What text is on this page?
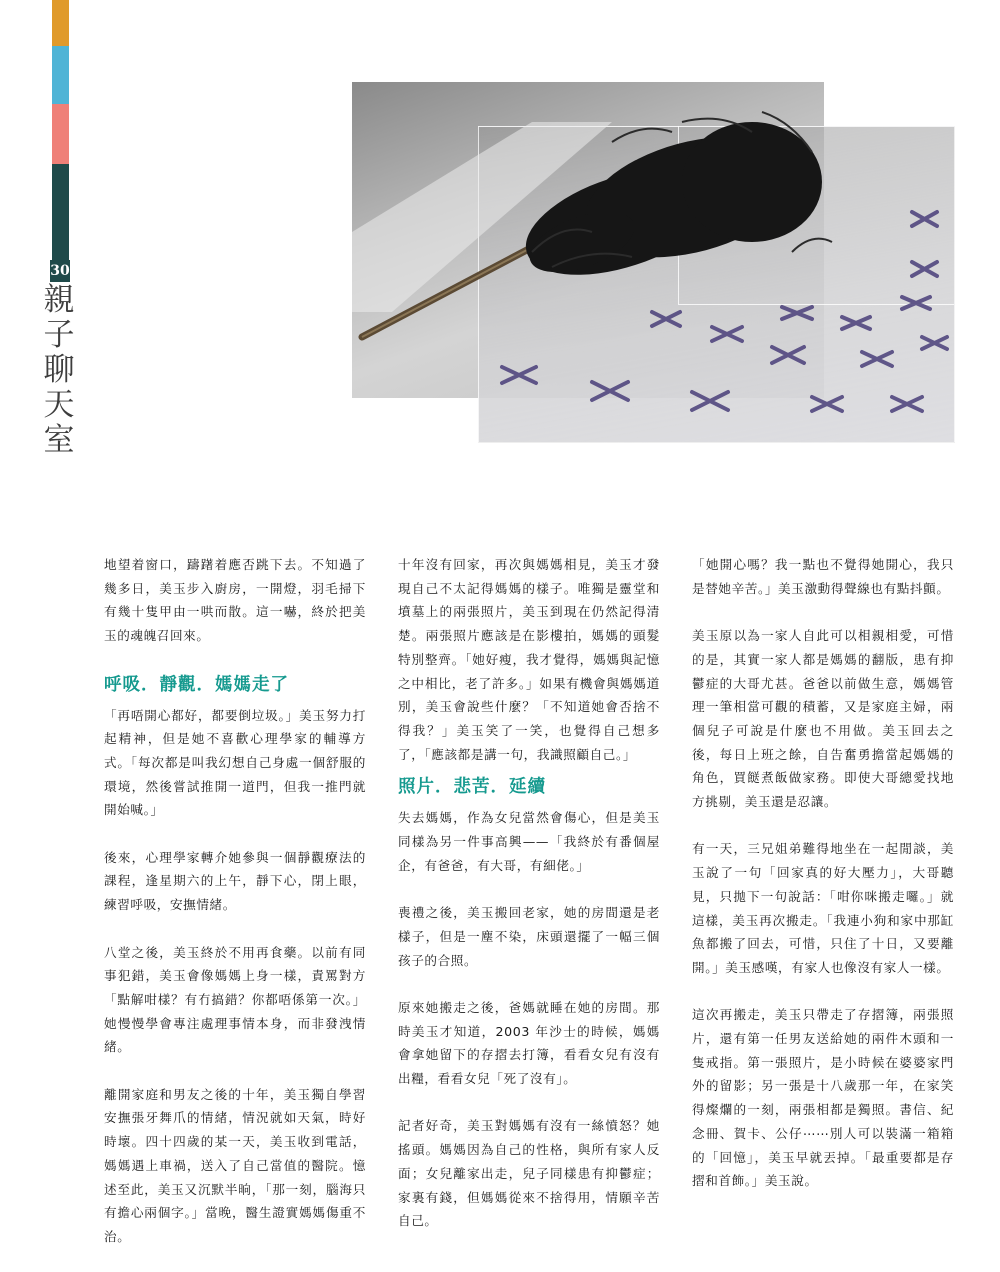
30
親
子
聊
天
室

地望着窗口，躊躇着應否跳下去。不知過了幾多日，美玉步入廚房，一開燈，羽毛掃下有幾十隻甲由一哄而散。這一嚇，終於把美玉的魂魄召回來。

呼吸．靜觀．媽媽走了

「再唔開心都好，都要倒垃圾。」美玉努力打起精神，但是她不喜歡心理學家的輔導方式。「每次都是叫我幻想自己身處一個舒服的環境，然後嘗試推開一道門，但我一推門就開始喊。」

後來，心理學家轉介她參與一個靜觀療法的課程，逢星期六的上午，靜下心，閉上眼，練習呼吸，安撫情緒。

八堂之後，美玉終於不用再食藥。以前有同事犯錯，美玉會像媽媽上身一樣，責罵對方「點解咁樣？有冇搞錯？你都唔係第一次。」她慢慢學會專注處理事情本身，而非發洩情緒。

離開家庭和男友之後的十年，美玉獨自學習安撫張牙舞爪的情緒，情況就如天氣，時好時壞。四十四歲的某一天，美玉收到電話，媽媽遇上車禍，送入了自己當值的醫院。憶述至此，美玉又沉默半晌，「那一刻，腦海只有擔心兩個字。」當晚，醫生證實媽媽傷重不治。

十年沒有回家，再次與媽媽相見，美玉才發現自己不太記得媽媽的樣子。唯獨是靈堂和墳墓上的兩張照片，美玉到現在仍然記得清楚。兩張照片應該是在影樓拍，媽媽的頭髮特別整齊。「她好瘦，我才覺得，媽媽與記憶之中相比，老了許多。」如果有機會與媽媽道別，美玉會說些什麼？「不知道她會否捨不得我？」美玉笑了一笑，也覺得自己想多了，「應該都是講一句，我識照顧自己。」

照片．悲苦．延續

失去媽媽，作為女兒當然會傷心，但是美玉同樣為另一件事高興——「我終於有番個屋企，有爸爸，有大哥，有細佬。」

喪禮之後，美玉搬回老家，她的房間還是老樣子，但是一塵不染，床頭還擺了一幅三個孩子的合照。

原來她搬走之後，爸媽就睡在她的房間。那時美玉才知道，2003 年沙士的時候，媽媽會拿她留下的存摺去打簿，看看女兒有沒有出糧，看看女兒「死了沒有」。

記者好奇，美玉對媽媽有沒有一絲憤怒？她搖頭。媽媽因為自己的性格，與所有家人反面；女兒離家出走，兒子同樣患有抑鬱症；家裏有錢，但媽媽從來不捨得用，情願辛苦自己。

「她開心嗎？我一點也不覺得她開心，我只是替她辛苦。」美玉激動得聲線也有點抖顫。

美玉原以為一家人自此可以相親相愛，可惜的是，其實一家人都是媽媽的翻版，患有抑鬱症的大哥尤甚。爸爸以前做生意，媽媽管理一筆相當可觀的積蓄，又是家庭主婦，兩個兒子可說是什麼也不用做。美玉回去之後，每日上班之餘，自告奮勇擔當起媽媽的角色，買餸煮飯做家務。即使大哥總愛找地方挑剔，美玉還是忍讓。

有一天，三兄姐弟難得地坐在一起閒談，美玉說了一句「回家真的好大壓力」，大哥聽見，只拋下一句說話：「咁你咪搬走囉。」就這樣，美玉再次搬走。「我連小狗和家中那缸魚都搬了回去，可惜，只住了十日，又要離開。」美玉感嘆，有家人也像沒有家人一樣。

這次再搬走，美玉只帶走了存摺簿，兩張照片，還有第一任男友送給她的兩件木頭和一隻戒指。第一張照片，是小時候在婆婆家門外的留影；另一張是十八歲那一年，在家笑得燦爛的一刻，兩張相都是獨照。書信、紀念冊、賀卡、公仔⋯⋯別人可以裝滿一箱箱的「回憶」，美玉早就丟掉。「最重要都是存摺和首飾。」美玉說。
